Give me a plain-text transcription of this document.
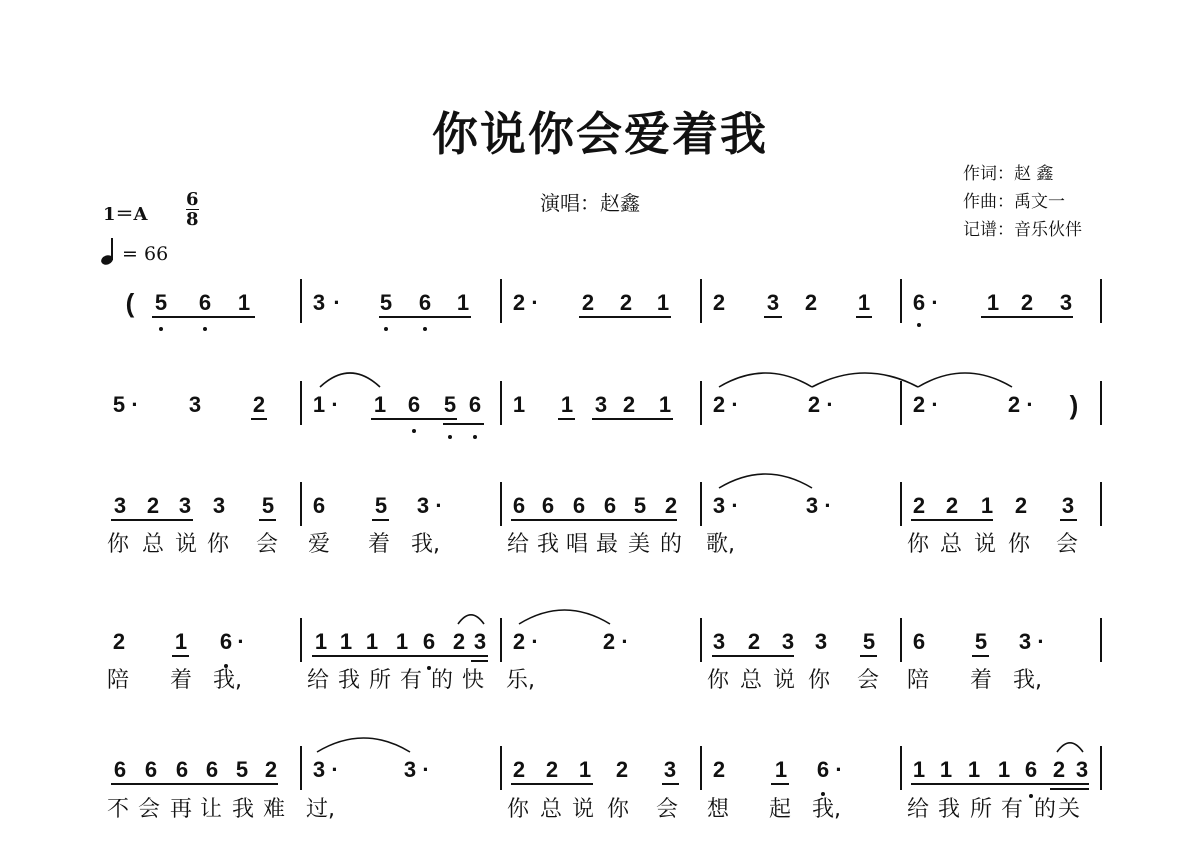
你说你会爱着我
演唱：赵鑫
作词：赵 鑫
作曲：禹文一
记谱：音乐伙伴
$1=A \frac{6}{8}$
= 66
( 5 6 1	3 · 5 6 1 2 · 2 2 1 2 3 2 1 6 · 1 2 3
5 · 3 2 1 · 1 6 5 6 1 1 3 2 1 2 ·	2 ·	2 ·	2 · )
3 2 3 3 5 6 5 3 ·	6 6 6 6 5 2 3 ·	3 ·	2 2 1 2 3
你 总 说 你 会 爱 着 我,	给 我 唱 最 美 的 歌,	你 总 说 你 会
2 1 6 ·	1 1 1 1 6 2 3 2 ·	2 ·	3 2 3 3 5 6 5 3 ·
陪 着 我,	给 我 所 有 的 快 乐,	你 总 说 你 会 陪 着 我,
6 6 6 6 5 2 3 ·	3 ·	2 2 1 2 3 2 1 6 ·	1 1 1 1 6 2 3
不 会 再 让 我 难 过,	你 总 说 你 会 想 起 我,	给 我 所 有 的 关
